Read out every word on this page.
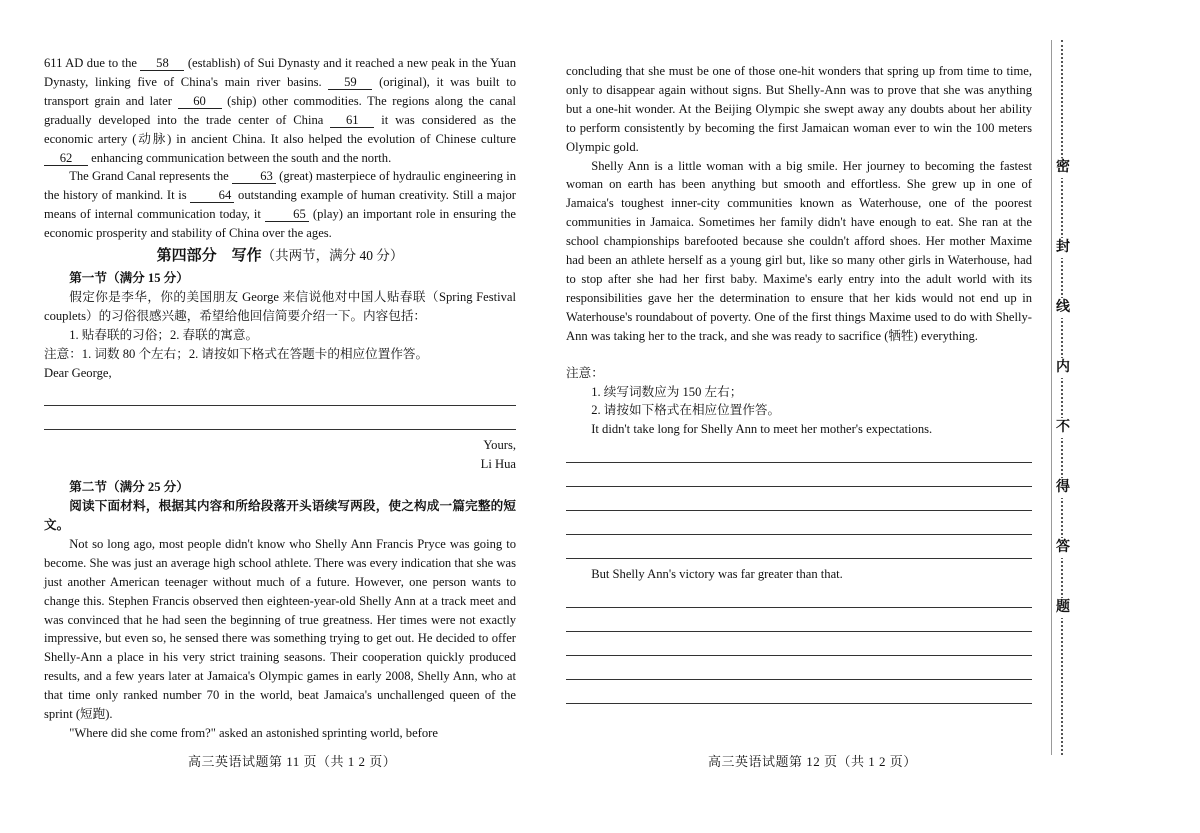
611 AD due to the 58 (establish) of Sui Dynasty and it reached a new peak in the Yuan Dynasty, linking five of China's main river basins. 59 (original), it was built to transport grain and later 60 (ship) other commodities. The regions along the canal gradually developed into the trade center of China 61 it was considered as the economic artery (动脉) in ancient China. It also helped the evolution of Chinese culture 62 enhancing communication between the south and the north.

The Grand Canal represents the 63 (great) masterpiece of hydraulic engineering in the history of mankind. It is 64 outstanding example of human creativity. Still a major means of internal communication today, it 65 (play) an important role in ensuring the economic prosperity and stability of China over the ages.

第四部分　写作（共两节，满分 40 分）

第一节（满分 15 分）

假定你是李华，你的美国朋友 George 来信说他对中国人贴春联（Spring Festival couplets）的习俗很感兴趣，希望给他回信简要介绍一下。内容包括：

1. 贴春联的习俗；2. 春联的寓意。

注意：1. 词数 80 个左右；2. 请按如下格式在答题卡的相应位置作答。

Dear George,

Yours,

Li Hua

第二节（满分 25 分）

阅读下面材料，根据其内容和所给段落开头语续写两段，使之构成一篇完整的短文。

Not so long ago, most people didn't know who Shelly Ann Francis Pryce was going to become. She was just an average high school athlete. There was every indication that she was just another American teenager without much of a future. However, one person wants to change this. Stephen Francis observed then eighteen-year-old Shelly Ann at a track meet and was convinced that he had seen the beginning of true greatness. Her times were not exactly impressive, but even so, he sensed there was something trying to get out. He decided to offer Shelly-Ann a place in his very strict training seasons. Their cooperation quickly produced results, and a few years later at Jamaica's Olympic games in early 2008, Shelly Ann, who at that time only ranked number 70 in the world, beat Jamaica's unchallenged queen of the sprint (短跑).

"Where did she come from?" asked an astonished sprinting world, before

高三英语试题第 11 页（共 1 2 页）

concluding that she must be one of those one-hit wonders that spring up from time to time, only to disappear again without signs. But Shelly-Ann was to prove that she was anything but a one-hit wonder. At the Beijing Olympic she swept away any doubts about her ability to perform consistently by becoming the first Jamaican woman ever to win the 100 meters Olympic gold.

Shelly Ann is a little woman with a big smile. Her journey to becoming the fastest woman on earth has been anything but smooth and effortless. She grew up in one of Jamaica's toughest inner-city communities known as Waterhouse, one of the poorest communities in Jamaica. Sometimes her family didn't have enough to eat. She ran at the school championships barefooted because she couldn't afford shoes. Her mother Maxime had been an athlete herself as a young girl but, like so many other girls in Waterhouse, had to stop after she had her first baby. Maxime's early entry into the adult world with its responsibilities gave her the determination to ensure that her kids would not end up in Waterhouse's roundabout of poverty. One of the first things Maxime used to do with Shelly-Ann was taking her to the track, and she was ready to sacrifice (牺牲) everything.

注意：

1. 续写词数应为 150 左右；

2. 请按如下格式在相应位置作答。

It didn't take long for Shelly Ann to meet her mother's expectations.

But Shelly Ann's victory was far greater than that.

高三英语试题第 12 页（共 1 2 页）
密
封
线
内
不
得
答
题
